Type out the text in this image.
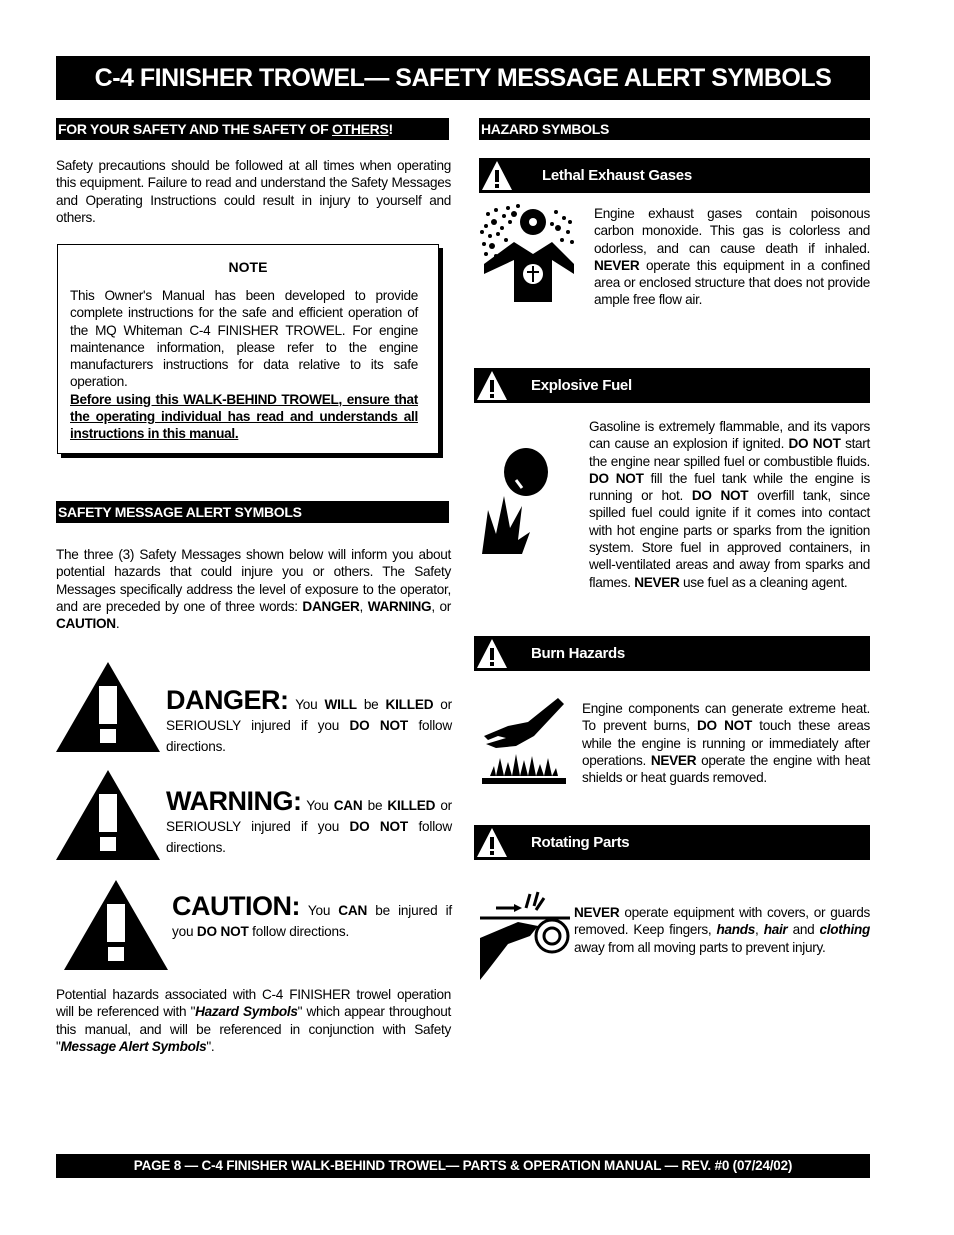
C-4 FINISHER TROWEL— SAFETY MESSAGE ALERT SYMBOLS
FOR YOUR SAFETY AND THE SAFETY OF OTHERS!
Safety precautions should be followed at all times when operating this equipment. Failure to read and understand the Safety Messages and Operating Instructions could result in injury to yourself and others.
NOTE
This Owner's Manual has been developed to provide complete instructions for the safe and efficient operation of the MQ Whiteman C-4 FINISHER TROWEL. For engine maintenance information, please refer to the engine manufacturers instructions for data relative to its safe operation.
Before using this WALK-BEHIND TROWEL, ensure that the operating individual has read and understands all instructions in this manual.
SAFETY MESSAGE ALERT SYMBOLS
The three (3) Safety Messages shown below will inform you about potential hazards that could injure you or others. The Safety Messages specifically address the level of exposure to the operator, and are preceded by one of three words: DANGER, WARNING, or CAUTION.
DANGER: You WILL be KILLED or SERIOUSLY injured if you DO NOT follow directions.
WARNING: You CAN be KILLED or SERIOUSLY injured if you DO NOT follow directions.
CAUTION: You CAN be injured if you DO NOT follow directions.
Potential hazards associated with C-4 FINISHER trowel operation will be referenced with "Hazard Symbols" which appear throughout this manual, and will be referenced in conjunction with Safety "Message Alert Symbols".
HAZARD SYMBOLS
Lethal Exhaust Gases
Engine exhaust gases contain poisonous carbon monoxide. This gas is colorless and odorless, and can cause death if inhaled. NEVER operate this equipment in a confined area or enclosed structure that does not provide ample free flow air.
Explosive Fuel
Gasoline is extremely flammable, and its vapors can cause an explosion if ignited. DO NOT start the engine near spilled fuel or combustible fluids. DO NOT fill the fuel tank while the engine is running or hot. DO NOT overfill tank, since spilled fuel could ignite if it comes into contact with hot engine parts or sparks from the ignition system. Store fuel in approved containers, in well-ventilated areas and away from sparks and flames. NEVER use fuel as a cleaning agent.
Burn Hazards
Engine components can generate extreme heat. To prevent burns, DO NOT touch these areas while the engine is running or immediately after operations. NEVER operate the engine with heat shields or heat guards removed.
Rotating Parts
NEVER operate equipment with covers, or guards removed. Keep fingers, hands, hair and clothing away from all moving parts to prevent injury.
PAGE 8 — C-4 FINISHER WALK-BEHIND TROWEL— PARTS & OPERATION MANUAL — REV. #0 (07/24/02)
